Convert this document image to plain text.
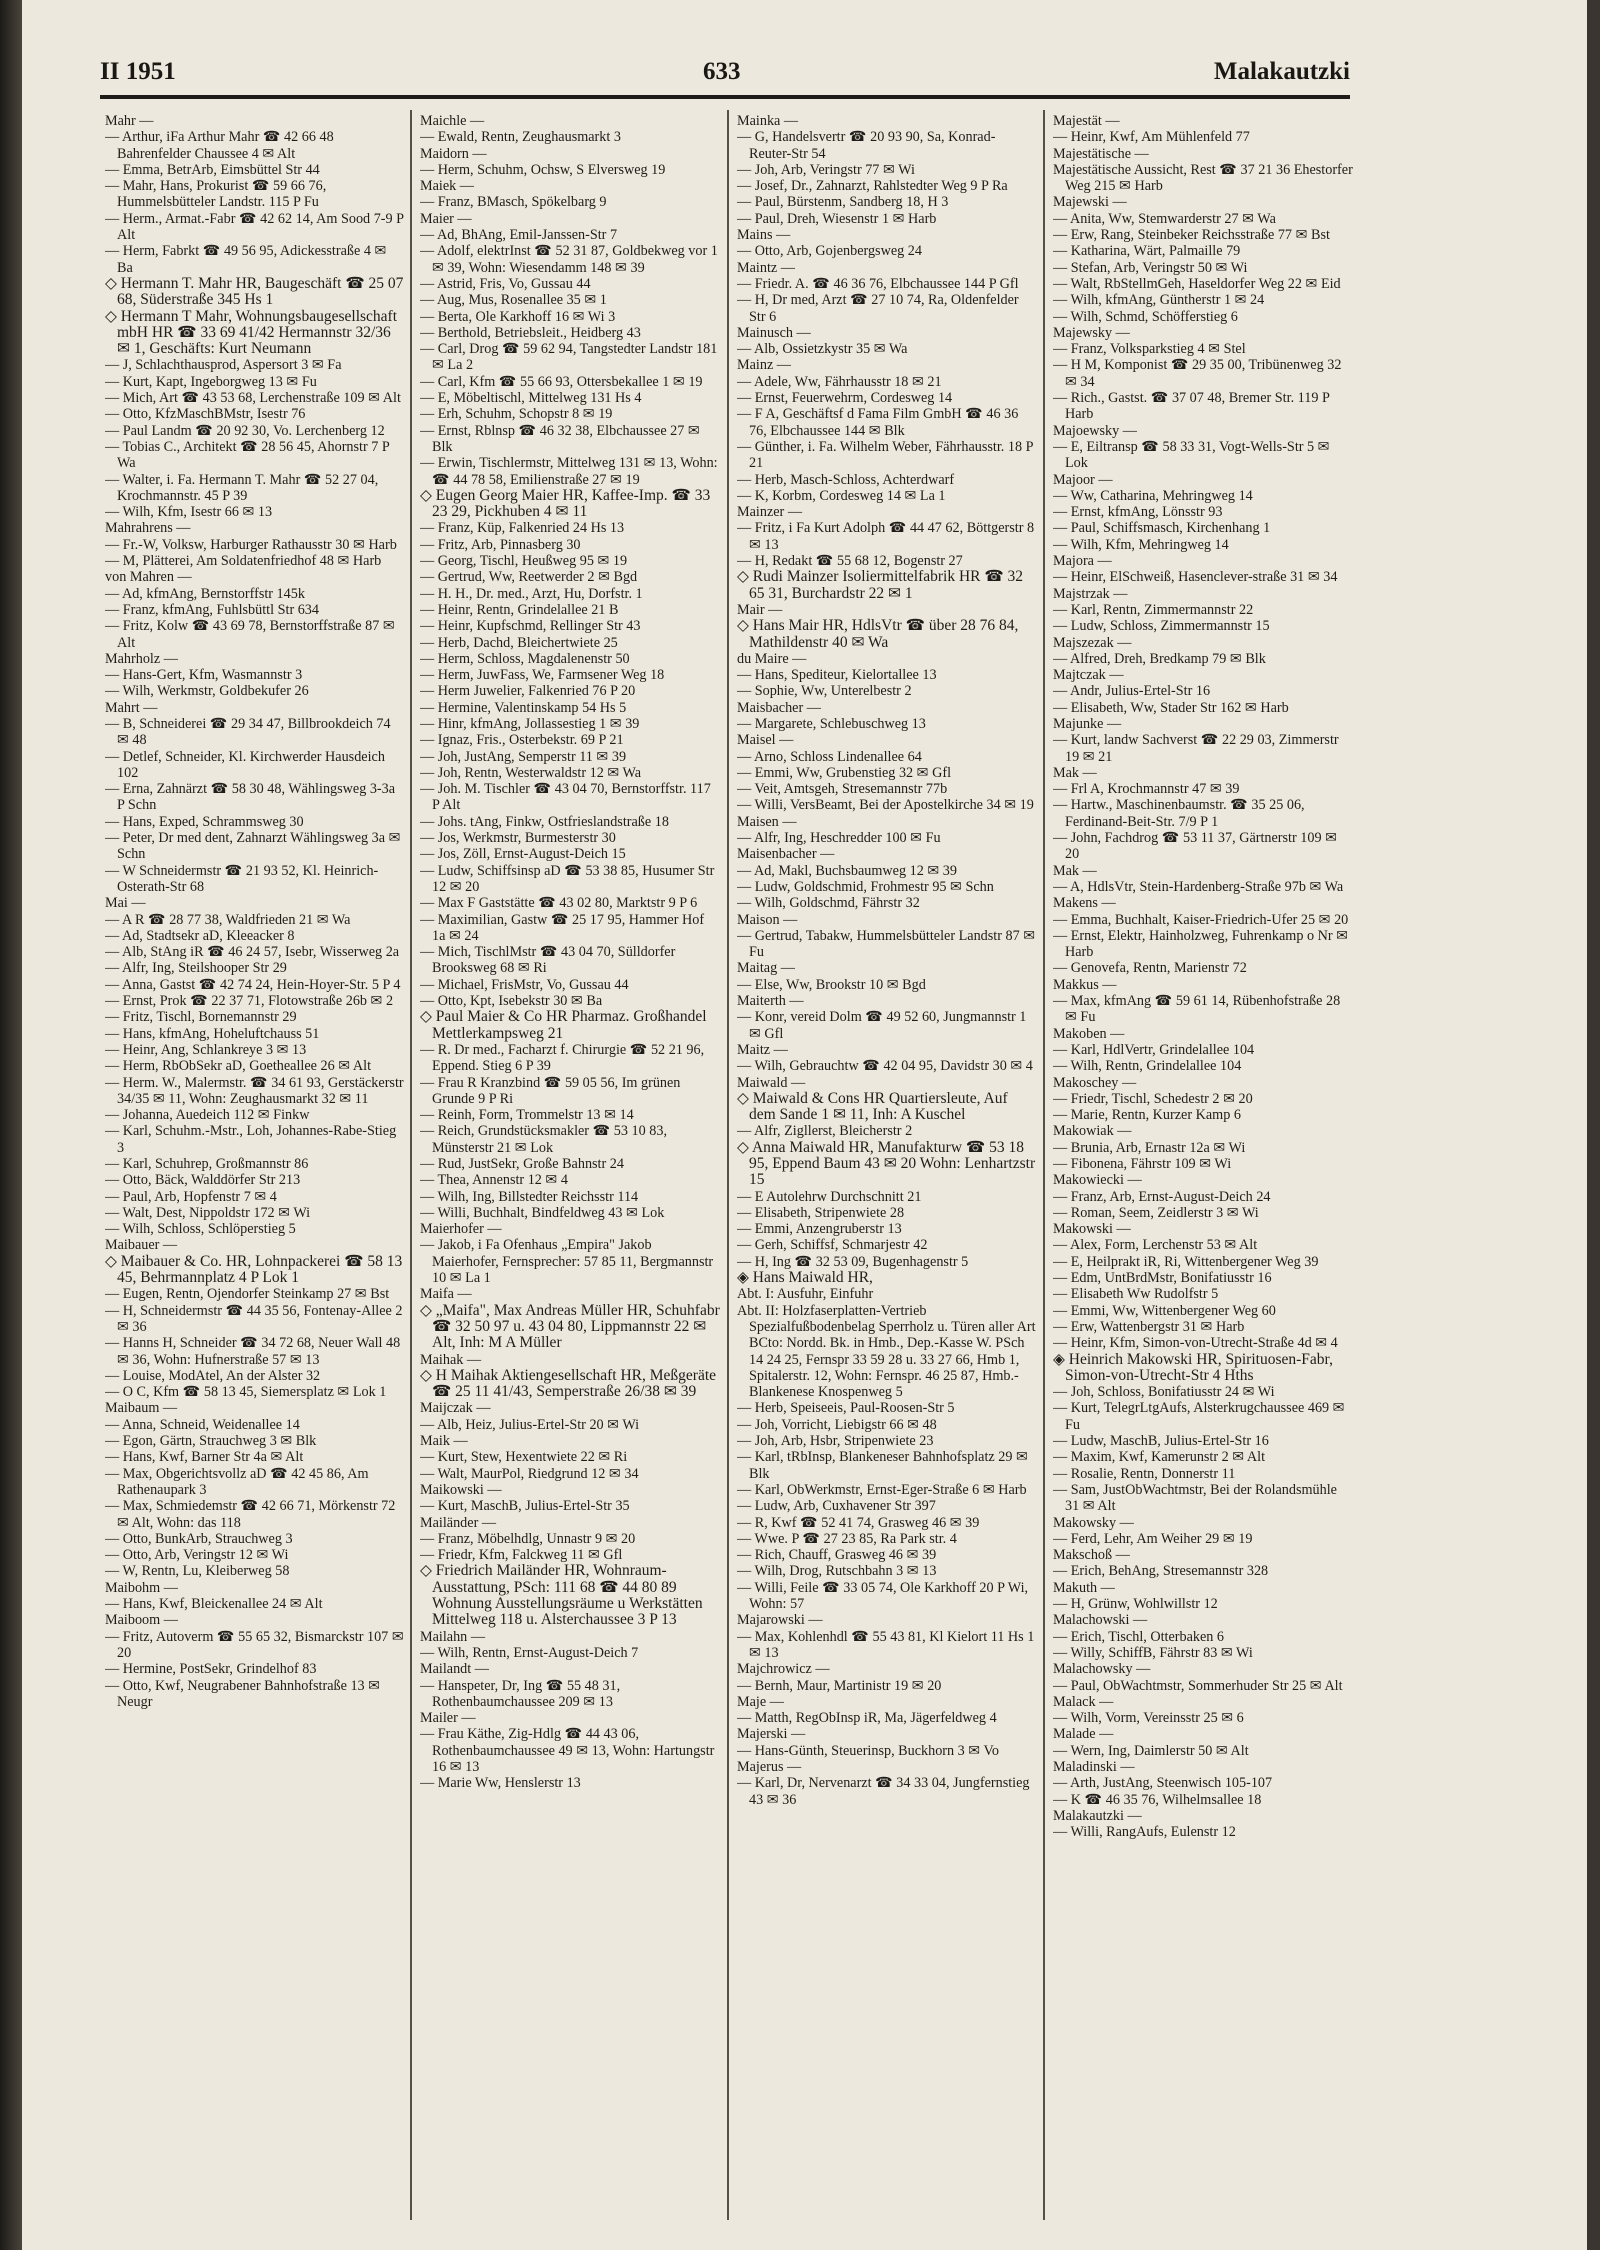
II 1951	633	Malakautzki

Mahr —

— Arthur, iFa Arthur Mahr ☎ 42 66 48 Bahrenfelder Chaussee 4 ✉ Alt

— Emma, BetrArb, Eimsbüttel Str 44

— Mahr, Hans, Prokurist ☎ 59 66 76, Hummelsbütteler Landstr. 115 P Fu

— Herm., Armat.-Fabr ☎ 42 62 14, Am Sood 7-9 P Alt

— Herm, Fabrkt ☎ 49 56 95, Adickesstraße 4 ✉ Ba

◇ Hermann T. Mahr HR, Baugeschäft ☎ 25 07 68, Süderstraße 345 Hs 1

◇ Hermann T Mahr, Wohnungsbaugesellschaft mbH HR ☎ 33 69 41/42 Hermannstr 32/36 ✉ 1, Geschäfts: Kurt Neumann

— J, Schlachthausprod, Aspersort 3 ✉ Fa

— Kurt, Kapt, Ingeborgweg 13 ✉ Fu

— Mich, Art ☎ 43 53 68, Lerchenstraße 109 ✉ Alt

— Otto, KfzMaschBMstr, Isestr 76

— Paul Landm ☎ 20 92 30, Vo. Lerchenberg 12

— Tobias C., Architekt ☎ 28 56 45, Ahornstr 7 P Wa

— Walter, i. Fa. Hermann T. Mahr ☎ 52 27 04, Krochmannstr. 45 P 39

— Wilh, Kfm, Isestr 66 ✉ 13

Mahrahrens —

— Fr.-W, Volksw, Harburger Rathausstr 30 ✉ Harb

— M, Plätterei, Am Soldatenfriedhof 48 ✉ Harb

von Mahren —

— Ad, kfmAng, Bernstorffstr 145k

— Franz, kfmAng, Fuhlsbüttl Str 634

— Fritz, Kolw ☎ 43 69 78, Bernstorffstraße 87 ✉ Alt

Mahrholz —

— Hans-Gert, Kfm, Wasmannstr 3

— Wilh, Werkmstr, Goldbekufer 26

Mahrt —

— B, Schneiderei ☎ 29 34 47, Billbrookdeich 74 ✉ 48

— Detlef, Schneider, Kl. Kirchwerder Hausdeich 102

— Erna, Zahnärzt ☎ 58 30 48, Wählingsweg 3-3a P Schn

— Hans, Exped, Schrammsweg 30

— Peter, Dr med dent, Zahnarzt Wählingsweg 3a ✉ Schn

— W Schneidermstr ☎ 21 93 52, Kl. Heinrich-Osterath-Str 68

Mai —

— A R ☎ 28 77 38, Waldfrieden 21 ✉ Wa

— Ad, Stadtsekr aD, Kleeacker 8

— Alb, StAng iR ☎ 46 24 57, Isebr, Wisserweg 2a

— Alfr, Ing, Steilshooper Str 29

— Anna, Gastst ☎ 42 74 24, Hein-Hoyer-Str. 5 P 4

— Ernst, Prok ☎ 22 37 71, Flotowstraße 26b ✉ 2

— Fritz, Tischl, Bornemannstr 29

— Hans, kfmAng, Hoheluftchauss 51

— Heinr, Ang, Schlankreye 3 ✉ 13

— Herm, RbObSekr aD, Goetheallee 26 ✉ Alt

— Herm. W., Malermstr. ☎ 34 61 93, Gerstäckerstr 34/35 ✉ 11, Wohn: Zeughausmarkt 32 ✉ 11

— Johanna, Auedeich 112 ✉ Finkw

— Karl, Schuhm.-Mstr., Loh, Johannes-Rabe-Stieg 3

— Karl, Schuhrep, Großmannstr 86

— Otto, Bäck, Walddörfer Str 213

— Paul, Arb, Hopfenstr 7 ✉ 4

— Walt, Dest, Nippoldstr 172 ✉ Wi

— Wilh, Schloss, Schlöperstieg 5

Maibauer —

◇ Maibauer & Co. HR, Lohnpackerei ☎ 58 13 45, Behrmannplatz 4 P Lok 1

— Eugen, Rentn, Ojendorfer Steinkamp 27 ✉ Bst

— H, Schneidermstr ☎ 44 35 56, Fontenay-Allee 2 ✉ 36

— Hanns H, Schneider ☎ 34 72 68, Neuer Wall 48 ✉ 36, Wohn: Hufnerstraße 57 ✉ 13

— Louise, ModAtel, An der Alster 32

— O C, Kfm ☎ 58 13 45, Siemersplatz ✉ Lok 1

Maibaum —

— Anna, Schneid, Weidenallee 14

— Egon, Gärtn, Strauchweg 3 ✉ Blk

— Hans, Kwf, Barner Str 4a ✉ Alt

— Max, Obgerichtsvollz aD ☎ 42 45 86, Am Rathenaupark 3

— Max, Schmiedemstr ☎ 42 66 71, Mörkenstr 72 ✉ Alt, Wohn: das 118

— Otto, BunkArb, Strauchweg 3

— Otto, Arb, Veringstr 12 ✉ Wi

— W, Rentn, Lu, Kleiberweg 58

Maibohm —

— Hans, Kwf, Bleickenallee 24 ✉ Alt

Maiboom —

— Fritz, Autoverm ☎ 55 65 32, Bismarckstr 107 ✉ 20

— Hermine, PostSekr, Grindelhof 83

— Otto, Kwf, Neugrabener Bahnhofstraße 13 ✉ Neugr

Maichle —

— Ewald, Rentn, Zeughausmarkt 3

Maidorn —

— Herm, Schuhm, Ochsw, S Elversweg 19

Maiek —

— Franz, BMasch, Spökelbarg 9

Maier —

— Ad, BhAng, Emil-Janssen-Str 7

— Adolf, elektrInst ☎ 52 31 87, Goldbekweg vor 1 ✉ 39, Wohn: Wiesendamm 148 ✉ 39

— Astrid, Fris, Vo, Gussau 44

— Aug, Mus, Rosenallee 35 ✉ 1

— Berta, Ole Karkhoff 16 ✉ Wi 3

— Berthold, Betriebsleit., Heidberg 43

— Carl, Drog ☎ 59 62 94, Tangstedter Landstr 181 ✉ La 2

— Carl, Kfm ☎ 55 66 93, Ottersbekallee 1 ✉ 19

— E, Möbeltischl, Mittelweg 131 Hs 4

— Erh, Schuhm, Schopstr 8 ✉ 19

— Ernst, Rblnsp ☎ 46 32 38, Elbchaussee 27 ✉ Blk

— Erwin, Tischlermstr, Mittelweg 131 ✉ 13, Wohn: ☎ 44 78 58, Emilienstraße 27 ✉ 19

◇ Eugen Georg Maier HR, Kaffee-Imp. ☎ 33 23 29, Pickhuben 4 ✉ 11

— Franz, Küp, Falkenried 24 Hs 13

— Fritz, Arb, Pinnasberg 30

— Georg, Tischl, Heußweg 95 ✉ 19

— Gertrud, Ww, Reetwerder 2 ✉ Bgd

— H. H., Dr. med., Arzt, Hu, Dorfstr. 1

— Heinr, Rentn, Grindelallee 21 B

— Heinr, Kupfschmd, Rellinger Str 43

— Herb, Dachd, Bleichertwiete 25

— Herm, Schloss, Magdalenenstr 50

— Herm, JuwFass, We, Farmsener Weg 18

— Herm Juwelier, Falkenried 76 P 20

— Hermine, Valentinskamp 54 Hs 5

— Hinr, kfmAng, Jollassestieg 1 ✉ 39

— Ignaz, Fris., Osterbekstr. 69 P 21

— Joh, JustAng, Semperstr 11 ✉ 39

— Joh, Rentn, Westerwaldstr 12 ✉ Wa

— Joh. M. Tischler ☎ 43 04 70, Bernstorffstr. 117 P Alt

— Johs. tAng, Finkw, Ostfrieslandstraße 18

— Jos, Werkmstr, Burmesterstr 30

— Jos, Zöll, Ernst-August-Deich 15

— Ludw, Schiffsinsp aD ☎ 53 38 85, Husumer Str 12 ✉ 20

— Max F Gaststätte ☎ 43 02 80, Marktstr 9 P 6

— Maximilian, Gastw ☎ 25 17 95, Hammer Hof 1a ✉ 24

— Mich, TischlMstr ☎ 43 04 70, Sülldorfer Brooksweg 68 ✉ Ri

— Michael, FrisMstr, Vo, Gussau 44

— Otto, Kpt, Isebekstr 30 ✉ Ba

◇ Paul Maier & Co HR Pharmaz. Großhandel Mettlerkampsweg 21

— R. Dr med., Facharzt f. Chirurgie ☎ 52 21 96, Eppend. Stieg 6 P 39

— Frau R Kranzbind ☎ 59 05 56, Im grünen Grunde 9 P Ri

— Reinh, Form, Trommelstr 13 ✉ 14

— Reich, Grundstücksmakler ☎ 53 10 83, Münsterstr 21 ✉ Lok

— Rud, JustSekr, Große Bahnstr 24

— Thea, Annenstr 12 ✉ 4

— Wilh, Ing, Billstedter Reichsstr 114

— Willi, Buchhalt, Bindfeldweg 43 ✉ Lok

Maierhofer —

— Jakob, i Fa Ofenhaus „Empira" Jakob Maierhofer, Fernsprecher: 57 85 11, Bergmannstr 10 ✉ La 1

Maifa —

◇ „Maifa", Max Andreas Müller HR, Schuhfabr ☎ 32 50 97 u. 43 04 80, Lippmannstr 22 ✉ Alt, Inh: M A Müller

Maihak —

◇ H Maihak Aktiengesellschaft HR, Meßgeräte ☎ 25 11 41/43, Semperstraße 26/38 ✉ 39

Maijczak —

— Alb, Heiz, Julius-Ertel-Str 20 ✉ Wi

Maik —

— Kurt, Stew, Hexentwiete 22 ✉ Ri

— Walt, MaurPol, Riedgrund 12 ✉ 34

Maikowski —

— Kurt, MaschB, Julius-Ertel-Str 35

Mailänder —

— Franz, Möbelhdlg, Unnastr 9 ✉ 20

— Friedr, Kfm, Falckweg 11 ✉ Gfl

◇ Friedrich Mailänder HR, Wohnraum-Ausstattung, PSch: 111 68 ☎ 44 80 89 Wohnung Ausstellungsräume u Werkstätten Mittelweg 118 u. Alsterchaussee 3 P 13

Mailahn —

— Wilh, Rentn, Ernst-August-Deich 7

Mailandt —

— Hanspeter, Dr, Ing ☎ 55 48 31, Rothenbaumchaussee 209 ✉ 13

Mailer —

— Frau Käthe, Zig-Hdlg ☎ 44 43 06, Rothenbaumchaussee 49 ✉ 13, Wohn: Hartungstr 16 ✉ 13

— Marie Ww, Henslerstr 13

Mainka —

— G, Handelsvertr ☎ 20 93 90, Sa, Konrad-Reuter-Str 54

— Joh, Arb, Veringstr 77 ✉ Wi

— Josef, Dr., Zahnarzt, Rahlstedter Weg 9 P Ra

— Paul, Bürstenm, Sandberg 18, H 3

— Paul, Dreh, Wiesenstr 1 ✉ Harb

Mains —

— Otto, Arb, Gojenbergsweg 24

Maintz —

— Friedr. A. ☎ 46 36 76, Elbchaussee 144 P Gfl

— H, Dr med, Arzt ☎ 27 10 74, Ra, Oldenfelder Str 6

Mainusch —

— Alb, Ossietzkystr 35 ✉ Wa

Mainz —

— Adele, Ww, Fährhausstr 18 ✉ 21

— Ernst, Feuerwehrm, Cordesweg 14

— F A, Geschäftsf d Fama Film GmbH ☎ 46 36 76, Elbchaussee 144 ✉ Blk

— Günther, i. Fa. Wilhelm Weber, Fährhausstr. 18 P 21

— Herb, Masch-Schloss, Achterdwarf

— K, Korbm, Cordesweg 14 ✉ La 1

Mainzer —

— Fritz, i Fa Kurt Adolph ☎ 44 47 62, Böttgerstr 8 ✉ 13

— H, Redakt ☎ 55 68 12, Bogenstr 27

◇ Rudi Mainzer Isoliermittelfabrik HR ☎ 32 65 31, Burchardstr 22 ✉ 1

Mair —

◇ Hans Mair HR, HdlsVtr ☎ über 28 76 84, Mathildenstr 40 ✉ Wa

du Maire —

— Hans, Spediteur, Kielortallee 13

— Sophie, Ww, Unterelbestr 2

Maisbacher —

— Margarete, Schlebuschweg 13

Maisel —

— Arno, Schloss Lindenallee 64

— Emmi, Ww, Grubenstieg 32 ✉ Gfl

— Veit, Amtsgeh, Stresemannstr 77b

— Willi, VersBeamt, Bei der Apostelkirche 34 ✉ 19

Maisen —

— Alfr, Ing, Heschredder 100 ✉ Fu

Maisenbacher —

— Ad, Makl, Buchsbaumweg 12 ✉ 39

— Ludw, Goldschmid, Frohmestr 95 ✉ Schn

— Wilh, Goldschmd, Fährstr 32

Maison —

— Gertrud, Tabakw, Hummelsbütteler Landstr 87 ✉ Fu

Maitag —

— Else, Ww, Brookstr 10 ✉ Bgd

Maiterth —

— Konr, vereid Dolm ☎ 49 52 60, Jungmannstr 1 ✉ Gfl

Maitz —

— Wilh, Gebrauchtw ☎ 42 04 95, Davidstr 30 ✉ 4

Maiwald —

◇ Maiwald & Cons HR Quartiersleute, Auf dem Sande 1 ✉ 11, Inh: A Kuschel

— Alfr, Zigllerst, Bleicherstr 2

◇ Anna Maiwald HR, Manufakturw ☎ 53 18 95, Eppend Baum 43 ✉ 20 Wohn: Lenhartzstr 15

— E Autolehrw Durchschnitt 21

— Elisabeth, Stripenwiete 28

— Emmi, Anzengruberstr 13

— Gerh, Schiffsf, Schmarjestr 42

— H, Ing ☎ 32 53 09, Bugenhagenstr 5

◈ Hans Maiwald HR,

Abt. I: Ausfuhr, Einfuhr

Abt. II: Holzfaserplatten-Vertrieb Spezialfußbodenbelag Sperrholz u. Türen aller Art BCto: Nordd. Bk. in Hmb., Dep.-Kasse W. PSch 14 24 25, Fernspr 33 59 28 u. 33 27 66, Hmb 1, Spitalerstr. 12, Wohn: Fernspr. 46 25 87, Hmb.-Blankenese Knospenweg 5

— Herb, Speiseeis, Paul-Roosen-Str 5

— Joh, Vorricht, Liebigstr 66 ✉ 48

— Joh, Arb, Hsbr, Stripenwiete 23

— Karl, tRbInsp, Blankeneser Bahnhofsplatz 29 ✉ Blk

— Karl, ObWerkmstr, Ernst-Eger-Straße 6 ✉ Harb

— Ludw, Arb, Cuxhavener Str 397

— R, Kwf ☎ 52 41 74, Grasweg 46 ✉ 39

— Wwe. P ☎ 27 23 85, Ra Park str. 4

— Rich, Chauff, Grasweg 46 ✉ 39

— Wilh, Drog, Rutschbahn 3 ✉ 13

— Willi, Feile ☎ 33 05 74, Ole Karkhoff 20 P Wi, Wohn: 57

Majarowski —

— Max, Kohlenhdl ☎ 55 43 81, Kl Kielort 11 Hs 1 ✉ 13

Majchrowicz —

— Bernh, Maur, Martinistr 19 ✉ 20

Maje —

— Matth, RegObInsp iR, Ma, Jägerfeldweg 4

Majerski —

— Hans-Günth, Steuerinsp, Buckhorn 3 ✉ Vo

Majerus —

— Karl, Dr, Nervenarzt ☎ 34 33 04, Jungfernstieg 43 ✉ 36

Majestät —

— Heinr, Kwf, Am Mühlenfeld 77

Majestätische —

Majestätische Aussicht, Rest ☎ 37 21 36 Ehestorfer Weg 215 ✉ Harb

Majewski —

— Anita, Ww, Stemwarderstr 27 ✉ Wa

— Erw, Rang, Steinbeker Reichsstraße 77 ✉ Bst

— Katharina, Wärt, Palmaille 79

— Stefan, Arb, Veringstr 50 ✉ Wi

— Walt, RbStellmGeh, Haseldorfer Weg 22 ✉ Eid

— Wilh, kfmAng, Güntherstr 1 ✉ 24

— Wilh, Schmd, Schöfferstieg 6

Majewsky —

— Franz, Volksparkstieg 4 ✉ Stel

— H M, Komponist ☎ 29 35 00, Tribünenweg 32 ✉ 34

— Rich., Gastst. ☎ 37 07 48, Bremer Str. 119 P Harb

Majoewsky —

— E, Eiltransp ☎ 58 33 31, Vogt-Wells-Str 5 ✉ Lok

Majoor —

— Ww, Catharina, Mehringweg 14

— Ernst, kfmAng, Lönsstr 93

— Paul, Schiffsmasch, Kirchenhang 1

— Wilh, Kfm, Mehringweg 14

Majora —

— Heinr, ElSchweiß, Hasenclever-straße 31 ✉ 34

Majstrzak —

— Karl, Rentn, Zimmermannstr 22

— Ludw, Schloss, Zimmermannstr 15

Majszezak —

— Alfred, Dreh, Bredkamp 79 ✉ Blk

Majtczak —

— Andr, Julius-Ertel-Str 16

— Elisabeth, Ww, Stader Str 162 ✉ Harb

Majunke —

— Kurt, landw Sachverst ☎ 22 29 03, Zimmerstr 19 ✉ 21

Mak —

— Frl A, Krochmannstr 47 ✉ 39

— Hartw., Maschinenbaumstr. ☎ 35 25 06, Ferdinand-Beit-Str. 7/9 P 1

— John, Fachdrog ☎ 53 11 37, Gärtnerstr 109 ✉ 20

Mak —

— A, HdlsVtr, Stein-Hardenberg-Straße 97b ✉ Wa

Makens —

— Emma, Buchhalt, Kaiser-Friedrich-Ufer 25 ✉ 20

— Ernst, Elektr, Hainholzweg, Fuhrenkamp o Nr ✉ Harb

— Genovefa, Rentn, Marienstr 72

Makkus —

— Max, kfmAng ☎ 59 61 14, Rübenhofstraße 28 ✉ Fu

Makoben —

— Karl, HdlVertr, Grindelallee 104

— Wilh, Rentn, Grindelallee 104

Makoschey —

— Friedr, Tischl, Schedestr 2 ✉ 20

— Marie, Rentn, Kurzer Kamp 6

Makowiak —

— Brunia, Arb, Ernastr 12a ✉ Wi

— Fibonena, Fährstr 109 ✉ Wi

Makowiecki —

— Franz, Arb, Ernst-August-Deich 24

— Roman, Seem, Zeidlerstr 3 ✉ Wi

Makowski —

— Alex, Form, Lerchenstr 53 ✉ Alt

— E, Heilprakt iR, Ri, Wittenbergener Weg 39

— Edm, UntBrdMstr, Bonifatiusstr 16

— Elisabeth Ww Rudolfstr 5

— Emmi, Ww, Wittenbergener Weg 60

— Erw, Wattenbergstr 31 ✉ Harb

— Heinr, Kfm, Simon-von-Utrecht-Straße 4d ✉ 4

◈ Heinrich Makowski HR, Spirituosen-Fabr, Simon-von-Utrecht-Str 4 Hths

— Joh, Schloss, Bonifatiusstr 24 ✉ Wi

— Kurt, TelegrLtgAufs, Alsterkrugchaussee 469 ✉ Fu

— Ludw, MaschB, Julius-Ertel-Str 16

— Maxim, Kwf, Kamerunstr 2 ✉ Alt

— Rosalie, Rentn, Donnerstr 11

— Sam, JustObWachtmstr, Bei der Rolandsmühle 31 ✉ Alt

Makowsky —

— Ferd, Lehr, Am Weiher 29 ✉ 19

Makschoß —

— Erich, BehAng, Stresemannstr 328

Makuth —

— H, Grünw, Wohlwillstr 12

Malachowski —

— Erich, Tischl, Otterbaken 6

— Willy, SchiffB, Fährstr 83 ✉ Wi

Malachowsky —

— Paul, ObWachtmstr, Sommerhuder Str 25 ✉ Alt

Malack —

— Wilh, Vorm, Vereinsstr 25 ✉ 6

Malade —

— Wern, Ing, Daimlerstr 50 ✉ Alt

Maladinski —

— Arth, JustAng, Steenwisch 105-107

— K ☎ 46 35 76, Wilhelmsallee 18

Malakautzki —

— Willi, RangAufs, Eulenstr 12
